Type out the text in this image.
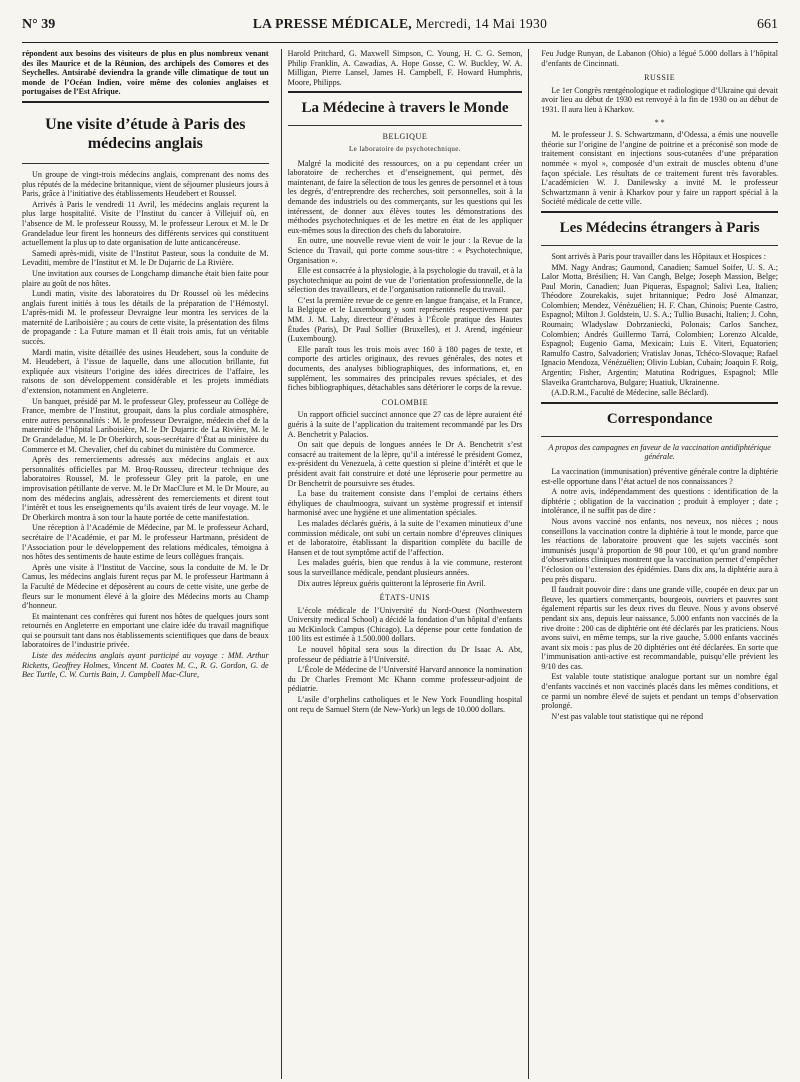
N° 39	LA PRESSE MÉDICALE, Mercredi, 14 Mai 1930	661

répondent aux besoins des visiteurs de plus en plus nombreux venant des îles Maurice et de la Réunion, des archipels des Comores et des Seychelles. Antsirabé deviendra la grande ville climatique de tout un monde de l’Océan Indien, voire même des colonies anglaises et portugaises de l’Est Afrique.

Une visite d’étude à Paris des médecins anglais

Un groupe de vingt-trois médecins anglais, comprenant des noms des plus réputés de la médecine britannique, vient de séjourner plusieurs jours à Paris, grâce à l’initiative des établissements Heudebert et Roussel.

Arrivés à Paris le vendredi 11 Avril, les médecins anglais reçurent la plus large hospitalité. Visite de l’Institut du cancer à Villejuif où, en l’absence de M. le professeur Roussy, M. le professeur Leroux et M. le Dr Grandeladue leur firent les honneurs des différents services qui constituent actuellement la plus up to date organisation de lutte anticancéreuse.

Samedi après-midi, visite de l’Institut Pasteur, sous la conduite de M. Levaditi, membre de l’Institut et M. le Dr Dujarric de La Rivière.

Une invitation aux courses de Longchamp dimanche était bien faite pour plaire au goût de nos hôtes.

Lundi matin, visite des laboratoires du Dr Roussel où les médecins anglais furent initiés à tous les détails de la préparation de l’Hémostyl. L’après-midi M. le professeur Devraigne leur montra les services de la maternité de Lariboisière ; au cours de cette visite, la présentation des films de propagande : La Future maman et Il était trois amis, fut un véritable succès.

Mardi matin, visite détaillée des usines Heudebert, sous la conduite de M. Heudebert, à l’issue de laquelle, dans une allocution brillante, fut expliquée aux visiteurs l’origine des idées directrices de l’affaire, les raisons de son développement considérable et les projets immédiats d’extension, notamment en Angleterre.

Un banquet, présidé par M. le professeur Gley, professeur au Collège de France, membre de l’Institut, groupait, dans la plus cordiale atmosphère, entre autres personnalités : M. le professeur Devraigne, médecin chef de la maternité de l’hôpital Lariboisière, M. le Dr Dujarric de La Rivière, M. le Dr Grandeladue, M. le Dr Oberkirch, sous-secrétaire d’État au ministère du Commerce et M. Chevalier, chef du cabinet du ministère du Commerce.

Après des remerciements adressés aux médecins anglais et aux personnalités officielles par M. Broq-Rousseu, directeur technique des laboratoires Roussel, M. le professeur Gley prit la parole, en une improvisation pétillante de verve. M. le Dr MacClure et M. le Dr Moure, au nom des médecins anglais, adressèrent des remerciements et dirent tout l’intérêt et tous les enseignements qu’ils avaient tirés de leur voyage. M. le Dr Oberkirch montra à son tour la haute portée de cette manifestation.

Une réception à l’Académie de Médecine, par M. le professeur Achard, secrétaire de l’Académie, et par M. le professeur Hartmann, président de l’Association pour le développement des relations médicales, témoigna à nos hôtes des sentiments de haute estime de leurs collègues français.

Après une visite à l’Institut de Vaccine, sous la conduite de M. le Dr Camus, les médecins anglais furent reçus par M. le professeur Hartmann à la Faculté de Médecine et déposèrent au cours de cette visite, une gerbe de fleurs sur le monument élevé à la gloire des Médecins morts au Champ d’honneur.

Et maintenant ces confrères qui furent nos hôtes de quelques jours sont retournés en Angleterre en emportant une claire idée du travail magnifique qui se poursuit tant dans nos établissements scientifiques que dans de beaux laboratoires de l’industrie privée.

Liste des médecins anglais ayant participé au voyage : MM. Arthur Ricketts, Geoffrey Holmes, Vincent M. Coates M. C., R. G. Gordon, G. de Bec Turtle, C. W. Curtis Bain, J. Campbell Mac-Clure,

Harold Pritchard, G. Maxwell Simpson, C. Young, H. C. G. Semon, Philip Franklin, A. Cawadias, A. Hope Gosse, C. W. Buckley, W. A. Milligan, Pierre Lansel, James H. Campbell, F. Howard Humphris, Moore, Philipps.

La Médecine à travers le Monde
BELGIQUE
Le laboratoire de psychotechnique.

Malgré la modicité des ressources, on a pu cependant créer un laboratoire de recherches et d’enseignement, qui permet, dès maintenant, de faire la sélection de tous les genres de personnel et à tous les degrés, d’entreprendre des recherches, soit personnelles, soit à la demande des industriels ou des commerçants, sur les questions qui les intéressent, de donner aux élèves toutes les démonstrations des méthodes psychotechniques et de les mettre en état de les appliquer eux-mêmes sous la direction des chefs du laboratoire.

En outre, une nouvelle revue vient de voir le jour : la Revue de la Science du Travail, qui porte comme sous-titre : « Psychotechnique, Organisation ».

Elle est consacrée à la physiologie, à la psychologie du travail, et à la psychotechnique au point de vue de l’orientation professionnelle, de la sélection des travailleurs, et de l’organisation rationnelle du travail.

C’est la première revue de ce genre en langue française, et la France, la Belgique et le Luxembourg y sont représentés respectivement par MM. J. M. Lahy, directeur d’études à l’École pratique des Hautes Études (Paris), Dr Paul Sollier (Bruxelles), et J. Arend, ingénieur (Luxembourg).

Elle paraît tous les trois mois avec 160 à 180 pages de texte, et comporte des articles originaux, des revues générales, des notes et documents, des analyses bibliographiques, des informations, et, en supplément, les sommaires des principales revues spéciales, et des fiches bibliographiques, détachables sans détériorer le corps de la revue.

COLOMBIE

Un rapport officiel succinct annonce que 27 cas de lèpre auraient été guéris à la suite de l’application du traitement recommandé par les Drs A. Benchetrit y Palacios.

On sait que depuis de longues années le Dr A. Benchetrit s’est consacré au traitement de la lèpre, qu’il a intéressé le président Gomez, ex-président du Venezuela, à cette question si pleine d’intérêt et que le président avait fait construire et doté une léproserie pour permettre au Dr Benchetrit de poursuivre ses études.

La base du traitement consiste dans l’emploi de certains éthers éthyliques de chaulmoogra, suivant un système progressif et intensif harmonisé avec une hygiène et une alimentation spéciales.

Les malades déclarés guéris, à la suite de l’examen minutieux d’une commission médicale, ont subi un certain nombre d’épreuves cliniques et de laboratoire, établissant la disparition complète du bacille de Hansen et de tout symptôme actif de l’affection.

Les malades guéris, bien que rendus à la vie commune, resteront sous la surveillance médicale, pendant plusieurs années.

Dix autres lépreux guéris quitteront la léproserie fin Avril.

ÉTATS-UNIS

L’école médicale de l’Université du Nord-Ouest (Northwestern University medical School) a décidé la fondation d’un hôpital d’enfants au McKinlock Campus (Chicago). La dépense pour cette fondation de 100 lits est estimée à 1.500.000 dollars.

Le nouvel hôpital sera sous la direction du Dr Isaac A. Abt, professeur de pédiatrie à l’Université.

L’École de Médecine de l’Université Harvard annonce la nomination du Dr Charles Fremont Mc Khann comme professeur-adjoint de pédiatrie.

L’asile d’orphelins catholiques et le New York Foundling hospital ont reçu de Samuel Stern (de New-York) un legs de 10.000 dollars.

Feu Judge Runyan, de Labanon (Ohio) a légué 5.000 dollars à l’hôpital d’enfants de Cincinnati.

RUSSIE

Le 1er Congrès rœntgénologique et radiologique d’Ukraine qui devait avoir lieu au début de 1930 est renvoyé à la fin de 1930 ou au début de 1931. Il aura lieu à Kharkov.

* *

M. le professeur J. S. Schwartzmann, d’Odessa, a émis une nouvelle théorie sur l’origine de l’angine de poitrine et a préconisé son mode de traitement consistant en injections sous-cutanées d’une préparation nommée « myol », composée d’un extrait de muscles obtenu d’une façon spéciale. Les résultats de ce traitement furent très favorables. L’académicien W. J. Danilewsky a invité M. le professeur Schwartzmann à venir à Kharkov pour y faire un rapport spécial à la Société médicale de cette ville.

Les Médecins étrangers à Paris

Sont arrivés à Paris pour travailler dans les Hôpitaux et Hospices :

MM. Nagy Andras; Gaumond, Canadien; Samuel Soifer, U. S. A.; Lalor Motta, Brésilien; H. Van Cangh, Belge; Joseph Massion, Belge; Paul Morin, Canadien; Juan Piqueras, Espagnol; Salivi Lea, Italien; Théodore Zourekakis, sujet britannique; Pedro José Almanzar, Colombien; Mendez, Vénézuélien; H. F. Chan, Chinois; Puente Castro, Espagnol; Milton J. Goldstein, U. S. A.; Tullio Busachi, Italien; J. Cohn, Roumain; Wladyslaw Dobrzaniecki, Polonais; Carlos Sanchez, Colombien; Andrés Guillermo Tarrá, Colombien; Lorenzo Alcalde, Espagnol; Eugenio Gama, Mexicain; Luis E. Viteri, Equatorien; Ramulfo Castro, Salvadorien; Vratislav Jonas, Tchéco-Slovaque; Rafael Ignacio Mendoza, Vénézuélien; Olivio Lubian, Cubain; Joaquin F. Roig, Argentin; Fisher, Argentin; Matutina Rodrigues, Espagnol; Mlle Slaveika Grantcharova, Bulgare; Huatiuk, Ukrainenne.

(A.D.R.M., Faculté de Médecine, salle Béclard).

Correspondance
A propos des campagnes en faveur de la vaccination antidiphtérique générale.

La vaccination (immunisation) préventive générale contre la diphtérie est-elle opportune dans l’état actuel de nos connaissances ?

A notre avis, indépendamment des questions : identification de la diphtérie ; obligation de la vaccination ; produit à employer ; date ; intolérance, il ne suffit pas de dire :

Nous avons vacciné nos enfants, nos neveux, nos nièces ; nous conseillons la vaccination contre la diphtérie à tout le monde, parce que les réactions de laboratoire prouvent que les sujets vaccinés sont immunisés jusqu’à proportion de 98 pour 100, et qu’un grand nombre d’observations cliniques montrent que la vaccination permet d’empêcher l’éclosion ou l’extension des épidémies. Dans dix ans, la diphtérie aura à peu près disparu.

Il faudrait pouvoir dire : dans une grande ville, coupée en deux par un fleuve, les quartiers commerçants, bourgeois, ouvriers et pauvres sont également répartis sur les deux rives du fleuve. Nous y avons observé pendant six ans, depuis leur naissance, 5.000 enfants non vaccinés de la rive droite : 200 cas de diphtérie ont été déclarés par les praticiens. Nous avons suivi, en même temps, sur la rive gauche, 5.000 enfants vaccinés avant six mois : pas plus de 20 diphtéries ont été déclarées. En sorte que l’immunisation anti-active est recommandable, puisqu’elle prévient les 9/10 des cas.

Est valable toute statistique analogue portant sur un nombre égal d’enfants vaccinés et non vaccinés placés dans les mêmes conditions, et ce parmi un nombre élevé de sujets et pendant un temps d’observation prolongé.

N’est pas valable tout statistique qui ne répond
